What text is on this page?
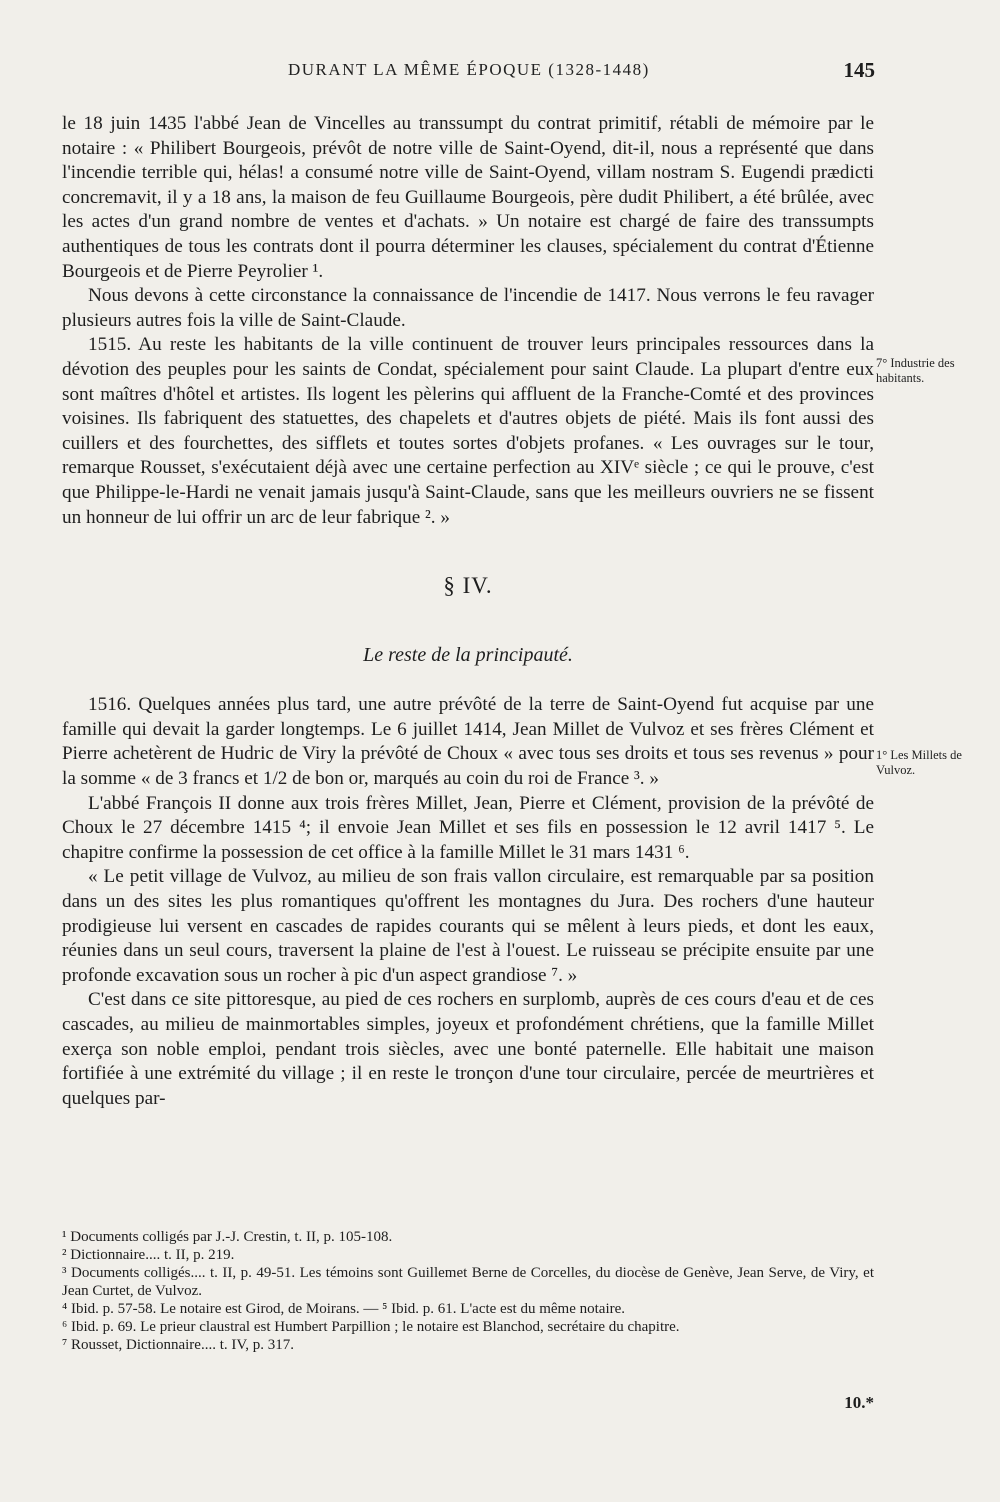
DURANT LA MÊME ÉPOQUE (1328-1448)	145

le 18 juin 1435 l'abbé Jean de Vincelles au transsumpt du contrat primitif, rétabli de mémoire par le notaire : « Philibert Bourgeois, prévôt de notre ville de Saint-Oyend, dit-il, nous a représenté que dans l'incendie terrible qui, hélas! a consumé notre ville de Saint-Oyend, villam nostram S. Eugendi prædicti concremavit, il y a 18 ans, la maison de feu Guillaume Bourgeois, père dudit Philibert, a été brûlée, avec les actes d'un grand nombre de ventes et d'achats. » Un notaire est chargé de faire des transsumpts authentiques de tous les contrats dont il pourra déterminer les clauses, spécialement du contrat d'Étienne Bourgeois et de Pierre Peyrolier ¹.

Nous devons à cette circonstance la connaissance de l'incendie de 1417. Nous verrons le feu ravager plusieurs autres fois la ville de Saint-Claude.

1515. Au reste les habitants de la ville continuent de trouver leurs principales ressources dans la dévotion des peuples pour les saints de Condat, spécialement pour saint Claude. La plupart d'entre eux sont maîtres d'hôtel et artistes. Ils logent les pèlerins qui affluent de la Franche-Comté et des provinces voisines. Ils fabriquent des statuettes, des chapelets et d'autres objets de piété. Mais ils font aussi des cuillers et des fourchettes, des sifflets et toutes sortes d'objets profanes. « Les ouvrages sur le tour, remarque Rousset, s'exécutaient déjà avec une certaine perfection au XIVᵉ siècle ; ce qui le prouve, c'est que Philippe-le-Hardi ne venait jamais jusqu'à Saint-Claude, sans que les meilleurs ouvriers ne se fissent un honneur de lui offrir un arc de leur fabrique ². »

§ IV.
Le reste de la principauté.

1516. Quelques années plus tard, une autre prévôté de la terre de Saint-Oyend fut acquise par une famille qui devait la garder longtemps. Le 6 juillet 1414, Jean Millet de Vulvoz et ses frères Clément et Pierre achetèrent de Hudric de Viry la prévôté de Choux « avec tous ses droits et tous ses revenus » pour la somme « de 3 francs et 1/2 de bon or, marqués au coin du roi de France ³. »

L'abbé François II donne aux trois frères Millet, Jean, Pierre et Clément, provision de la prévôté de Choux le 27 décembre 1415 ⁴; il envoie Jean Millet et ses fils en possession le 12 avril 1417 ⁵. Le chapitre confirme la possession de cet office à la famille Millet le 31 mars 1431 ⁶.

« Le petit village de Vulvoz, au milieu de son frais vallon circulaire, est remarquable par sa position dans un des sites les plus romantiques qu'offrent les montagnes du Jura. Des rochers d'une hauteur prodigieuse lui versent en cascades de rapides courants qui se mêlent à leurs pieds, et dont les eaux, réunies dans un seul cours, traversent la plaine de l'est à l'ouest. Le ruisseau se précipite ensuite par une profonde excavation sous un rocher à pic d'un aspect grandiose ⁷. »

C'est dans ce site pittoresque, au pied de ces rochers en surplomb, auprès de ces cours d'eau et de ces cascades, au milieu de mainmortables simples, joyeux et profondément chrétiens, que la famille Millet exerça son noble emploi, pendant trois siècles, avec une bonté paternelle. Elle habitait une maison fortifiée à une extrémité du village ; il en reste le tronçon d'une tour circulaire, percée de meurtrières et quelques par-

7° Industrie des habitants.
1° Les Millets de Vulvoz.
¹ Documents colligés par J.-J. Crestin, t. II, p. 105-108.
² Dictionnaire.... t. II, p. 219.
³ Documents colligés.... t. II, p. 49-51. Les témoins sont Guillemet Berne de Corcelles, du diocèse de Genève, Jean Serve, de Viry, et Jean Curtet, de Vulvoz.
⁴ Ibid. p. 57-58. Le notaire est Girod, de Moirans. — ⁵ Ibid. p. 61. L'acte est du même notaire.
⁶ Ibid. p. 69. Le prieur claustral est Humbert Parpillion ; le notaire est Blanchod, secrétaire du chapitre.
⁷ Rousset, Dictionnaire.... t. IV, p. 317.
10.*
